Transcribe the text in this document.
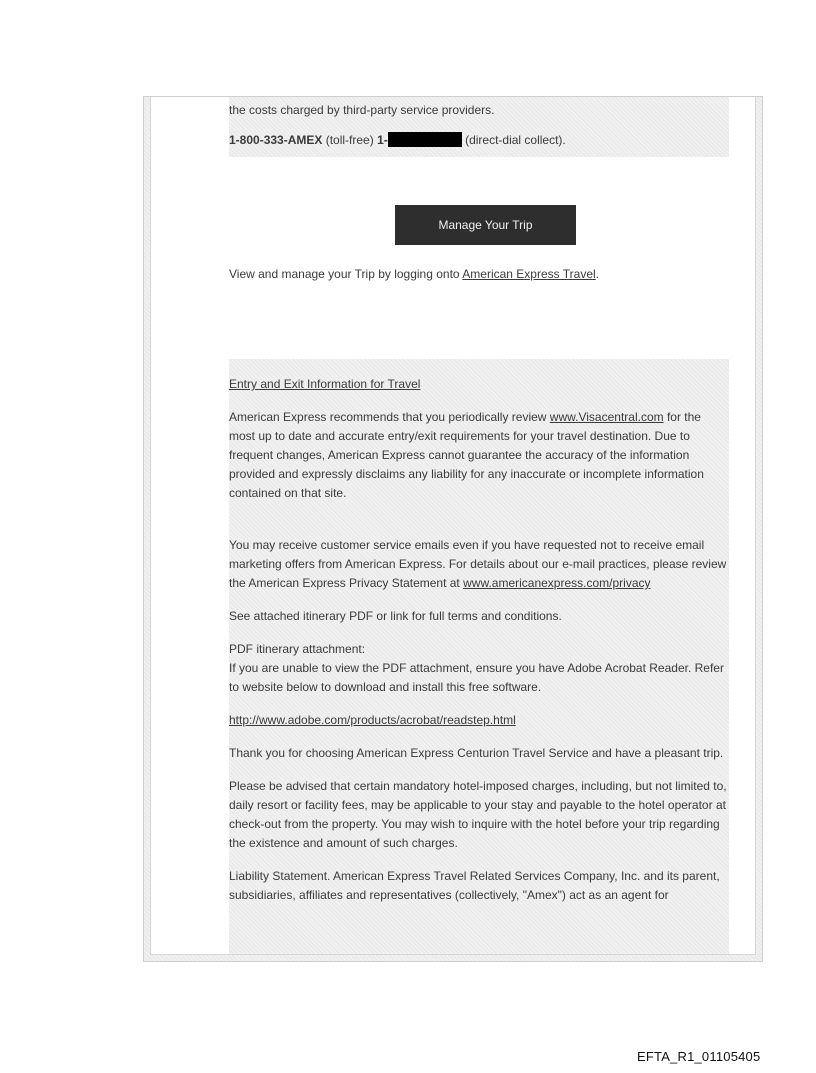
the costs charged by third-party service providers.

1-800-333-AMEX (toll-free) 1-	(direct-dial collect).

Manage Your Trip
View and manage your Trip by logging onto American Express Travel.

Entry and Exit Information for Travel

American Express recommends that you periodically review www.Visacentral.com for the most up to date and accurate entry/exit requirements for your travel destination. Due to frequent changes, American Express cannot guarantee the accuracy of the information provided and expressly disclaims any liability for any inaccurate or incomplete information contained on that site.

You may receive customer service emails even if you have requested not to receive email marketing offers from American Express. For details about our e-mail practices, please review the American Express Privacy Statement at www.americanexpress.com/privacy

See attached itinerary PDF or link for full terms and conditions.

PDF itinerary attachment:
If you are unable to view the PDF attachment, ensure you have Adobe Acrobat Reader. Refer to website below to download and install this free software.

http://www.adobe.com/products/acrobat/readstep.html

Thank you for choosing American Express Centurion Travel Service and have a pleasant trip.

Please be advised that certain mandatory hotel-imposed charges, including, but not limited to, daily resort or facility fees, may be applicable to your stay and payable to the hotel operator at check-out from the property. You may wish to inquire with the hotel before your trip regarding the existence and amount of such charges.

Liability Statement. American Express Travel Related Services Company, Inc. and its parent, subsidiaries, affiliates and representatives (collectively, "Amex") act as an agent for

EFTA_R1_01105405
